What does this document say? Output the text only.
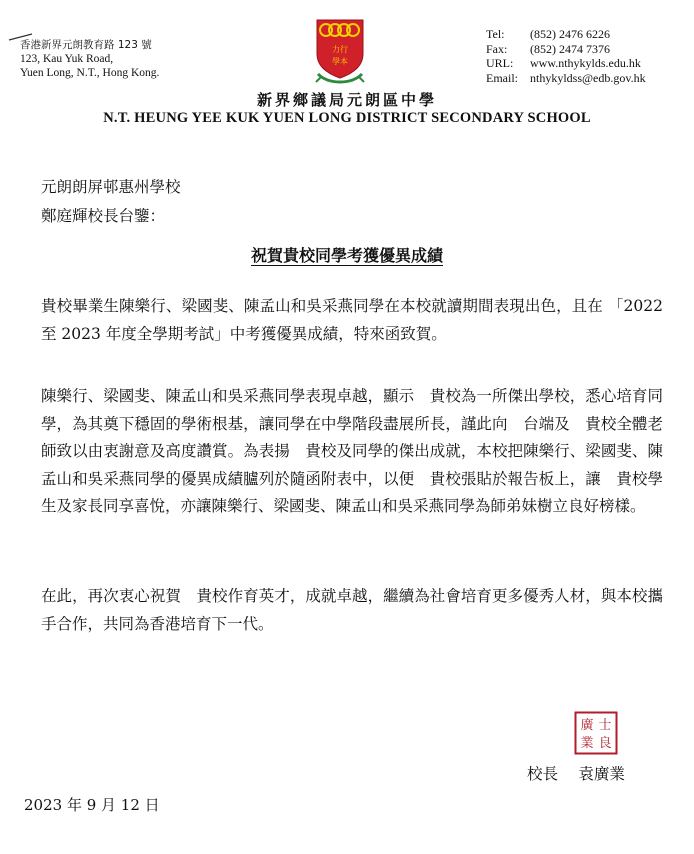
香港新界元朗教育路 123 號
123, Kau Yuk Road,
Yuen Long, N.T., Hong Kong.
力行
學本
Tel:	(852) 2476 6226
Fax:	(852) 2474 7376
URL:	www.nthykylds.edu.hk
Email:	nthykyldss@edb.gov.hk
新界鄉議局元朗區中學
N.T. HEUNG YEE KUK YUEN LONG DISTRICT SECONDARY SCHOOL
元朗朗屏邨惠州學校
鄭庭輝校長台鑒：
祝賀貴校同學考獲優異成績
貴校畢業生陳樂行、梁國斐、陳孟山和吳采燕同學在本校就讀期間表現出色，且在 「2022 至 2023 年度全學期考試」中考獲優異成績，特來函致賀。
陳樂行、梁國斐、陳孟山和吳采燕同學表現卓越，顯示　貴校為一所傑出學校，悉心培育同學，為其奠下穩固的學術根基，讓同學在中學階段盡展所長，謹此向　台端及　貴校全體老師致以由衷謝意及高度讚賞。為表揚　貴校及同學的傑出成就，本校把陳樂行、梁國斐、陳孟山和吳采燕同學的優異成績臚列於隨函附表中，以便　貴校張貼於報告板上，讓　貴校學生及家長同享喜悅，亦讓陳樂行、梁國斐、陳孟山和吳采燕同學為師弟妹樹立良好榜樣。
在此，再次衷心祝賀　貴校作育英才，成就卓越，繼續為社會培育更多優秀人材，與本校攜手合作，共同為香港培育下一代。
士
良
廣
業
校長　 袁廣業
2023 年 9 月 12 日
